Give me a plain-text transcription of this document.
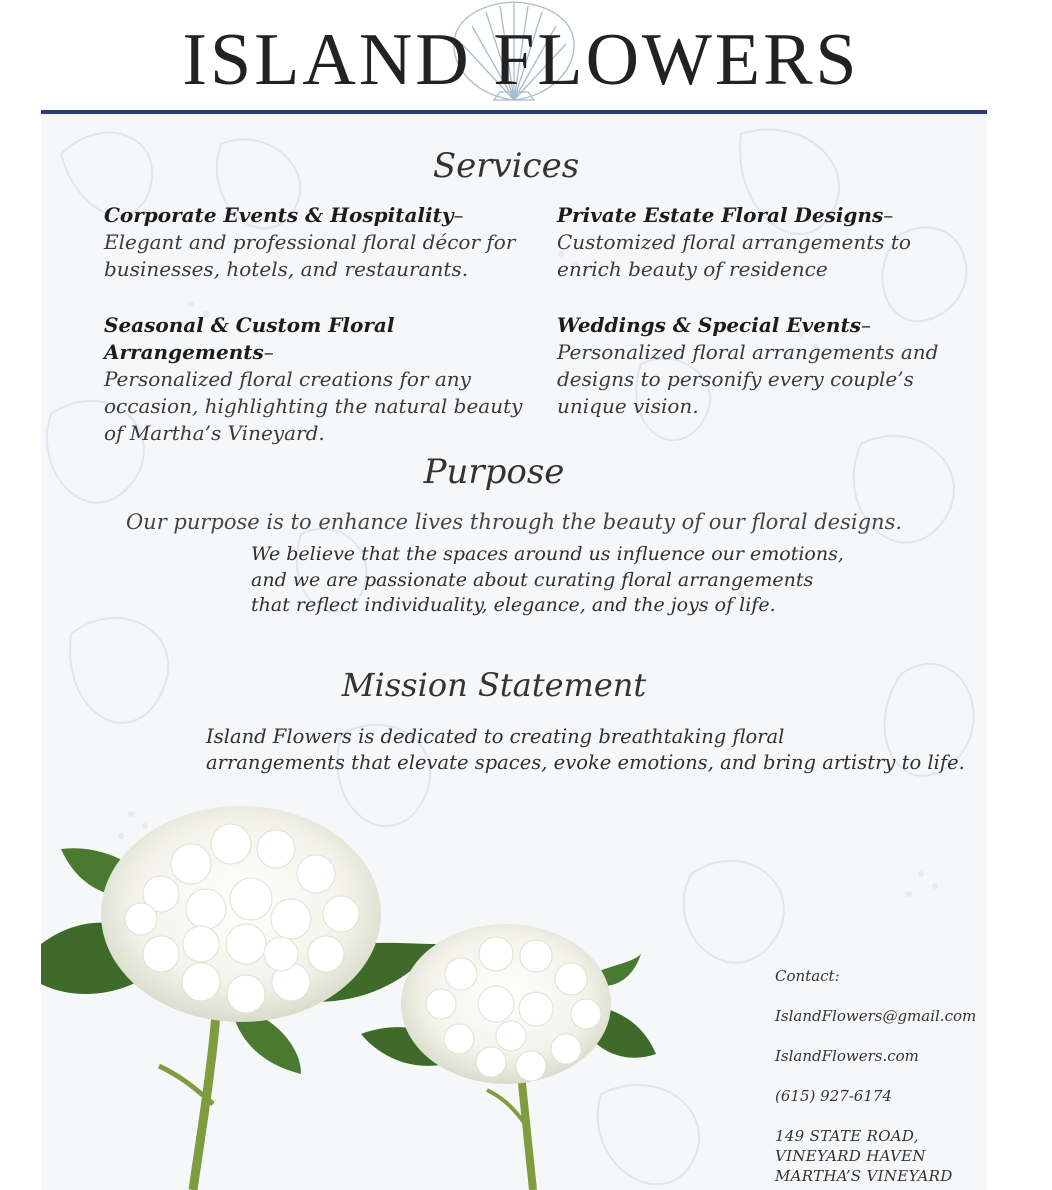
ISLAND FLOWERS
Services
Corporate Events & Hospitality–
Elegant and professional floral décor for
businesses, hotels, and restaurants.
Private Estate Floral Designs–
Customized floral arrangements to
enrich beauty of residence
Seasonal & Custom Floral Arrangements–
Personalized floral creations for any
occasion, highlighting the natural beauty
of Martha’s Vineyard.
Weddings & Special Events–
Personalized floral arrangements and
designs to personify every couple’s
unique vision.
Purpose
Our purpose is to enhance lives through the beauty of our floral designs.
We believe that the spaces around us influence our emotions,
and we are passionate about curating floral arrangements
that reflect individuality, elegance, and the joys of life.
Mission Statement
Island Flowers is dedicated to creating breathtaking floral
arrangements that elevate spaces, evoke emotions, and bring artistry to life.
Contact:
IslandFlowers@gmail.com
IslandFlowers.com
(615) 927-6174
149 STATE ROAD,
VINEYARD HAVEN
MARTHA’S VINEYARD
